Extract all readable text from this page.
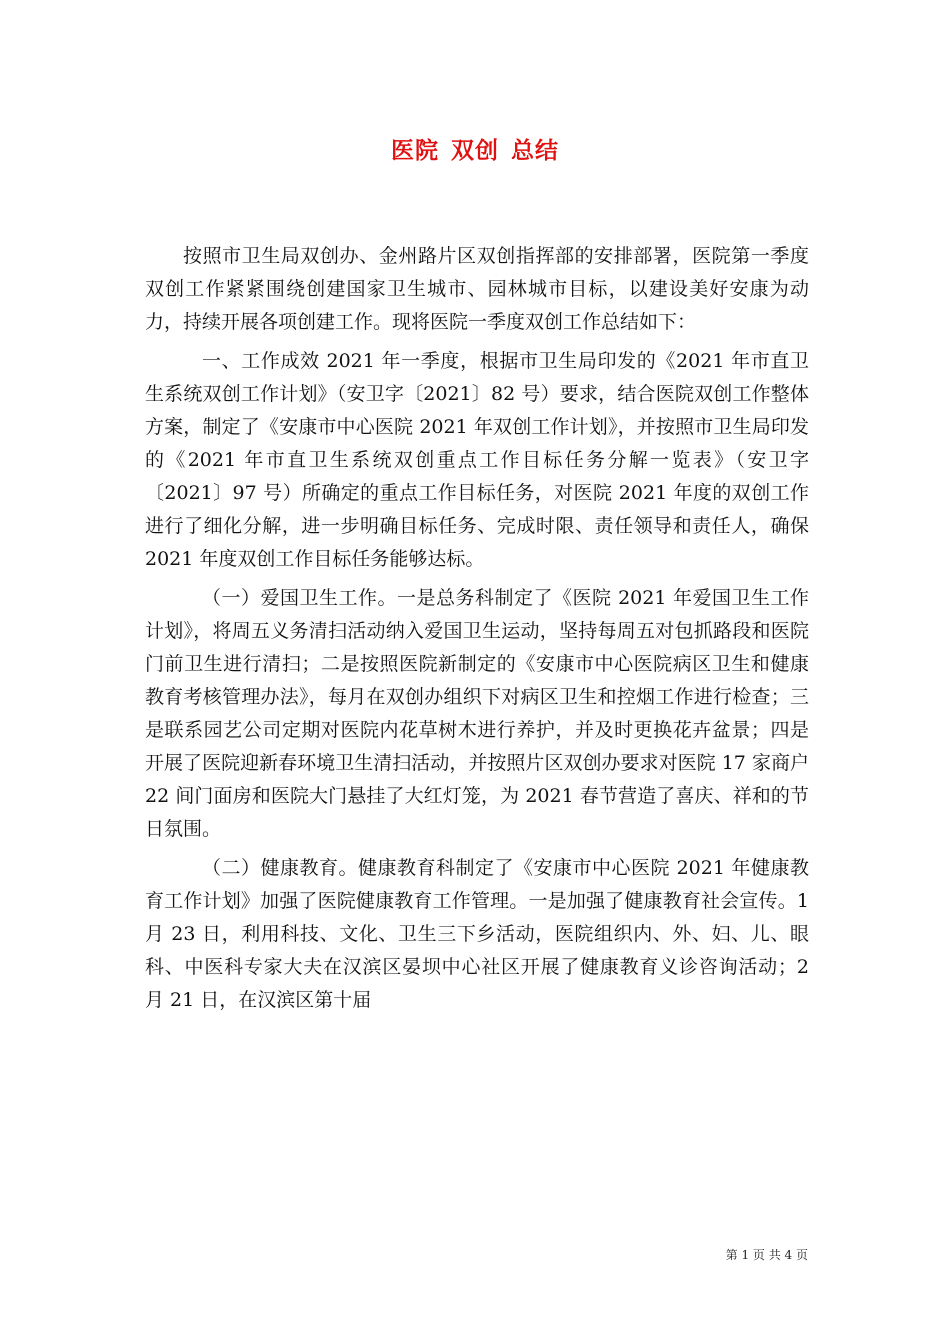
医院 双创 总结

按照市卫生局双创办、金州路片区双创指挥部的安排部署，医院第一季度双创工作紧紧围绕创建国家卫生城市、园林城市目标，以建设美好安康为动力，持续开展各项创建工作。现将医院一季度双创工作总结如下：

一、工作成效 2021 年一季度，根据市卫生局印发的《2021 年市直卫生系统双创工作计划》（安卫字〔2021〕82 号）要求，结合医院双创工作整体方案，制定了《安康市中心医院 2021 年双创工作计划》，并按照市卫生局印发的《2021 年市直卫生系统双创重点工作目标任务分解一览表》（安卫字〔2021〕97 号）所确定的重点工作目标任务，对医院 2021 年度的双创工作进行了细化分解，进一步明确目标任务、完成时限、责任领导和责任人，确保 2021 年度双创工作目标任务能够达标。

（一）爱国卫生工作。一是总务科制定了《医院 2021 年爱国卫生工作计划》，将周五义务清扫活动纳入爱国卫生运动，坚持每周五对包抓路段和医院门前卫生进行清扫；二是按照医院新制定的《安康市中心医院病区卫生和健康教育考核管理办法》，每月在双创办组织下对病区卫生和控烟工作进行检查；三是联系园艺公司定期对医院内花草树木进行养护，并及时更换花卉盆景；四是开展了医院迎新春环境卫生清扫活动，并按照片区双创办要求对医院 17 家商户 22 间门面房和医院大门悬挂了大红灯笼，为 2021 春节营造了喜庆、祥和的节日氛围。

（二）健康教育。健康教育科制定了《安康市中心医院 2021 年健康教育工作计划》加强了医院健康教育工作管理。一是加强了健康教育社会宣传。1 月 23 日，利用科技、文化、卫生三下乡活动，医院组织内、外、妇、儿、眼科、中医科专家大夫在汉滨区晏坝中心社区开展了健康教育义诊咨询活动；2 月 21 日，在汉滨区第十届

第 1 页 共 4 页
